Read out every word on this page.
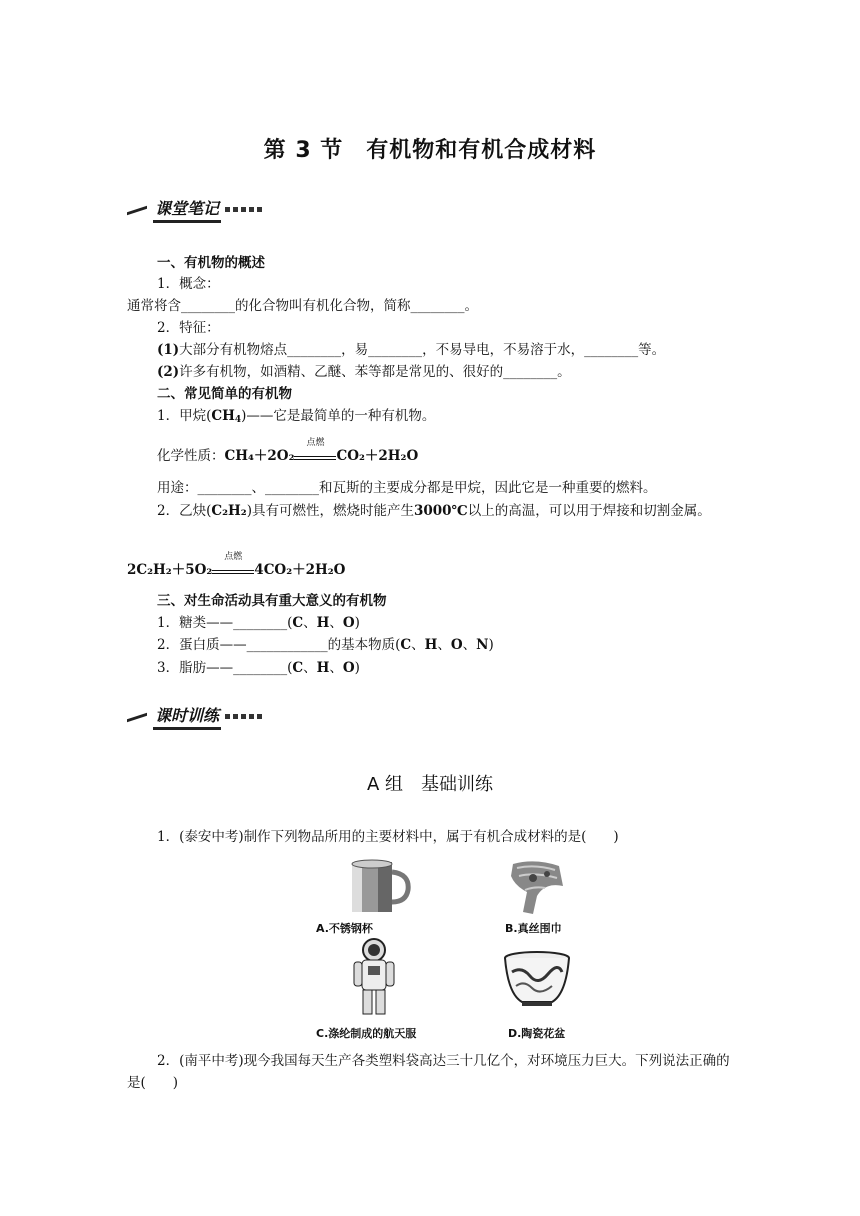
第 3 节　有机物和有机合成材料
课堂笔记
一、有机物的概述
1．概念：
通常将含________的化合物叫有机化合物，简称________。
2．特征：
(1)大部分有机物熔点________，易________，不易导电，不易溶于水，________等。
(2)许多有机物，如酒精、乙醚、苯等都是常见的、很好的________。
二、常见简单的有机物
1．甲烷$(CH_4)——$它是最简单的一种有机物。
化学性质：CH₄＋2O₂
点燃
CO₂＋2H₂O
用途：________、________和瓦斯的主要成分都是甲烷，因此它是一种重要的燃料。
2．乙炔(C₂H₂)具有可燃性，燃烧时能产生3000℃以上的高温，可以用于焊接和切割金属。
2C₂H₂＋5O₂
点燃
4CO₂＋2H₂O
三、对生命活动具有重大意义的有机物
1．糖类——________(C、H、O)
2．蛋白质——____________的基本物质(C、H、O、N)
3．脂肪——________(C、H、O)
课时训练
A 组　基础训练
1．(泰安中考)制作下列物品所用的主要材料中，属于有机合成材料的是(　　)
A.不锈钢杯	B.真丝围巾
C.涤纶制成的航天服	D.陶瓷花盆
2．(南平中考)现今我国每天生产各类塑料袋高达三十几亿个，对环境压力巨大。下列说法正确的是(　　)
